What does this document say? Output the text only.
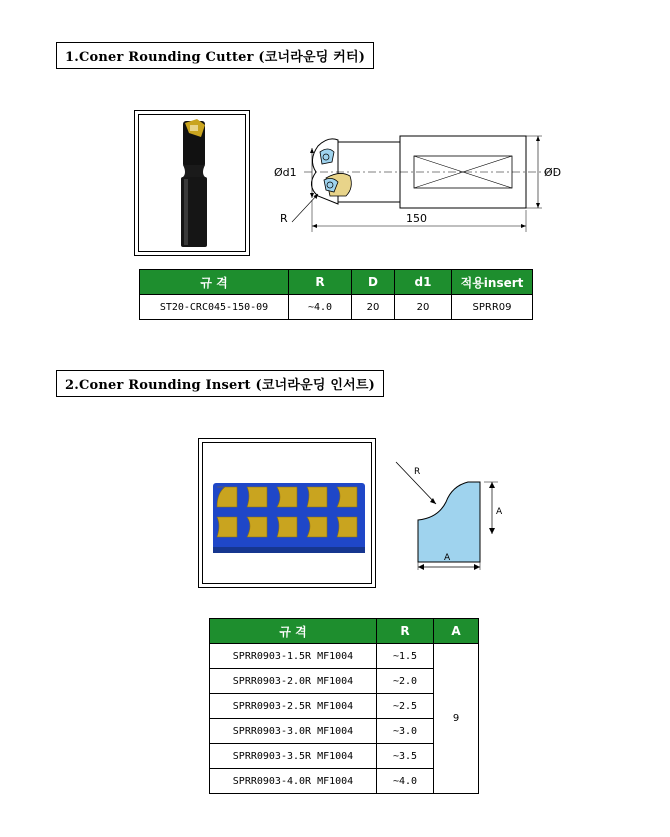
1.Coner Rounding Cutter (코너라운딩 커터)
Ød1	ØD
R	150
규 격	R	D	d1	적용insert
ST20-CRC045-150-09	~4.0	20	20	SPRR09
2.Coner Rounding Insert (코너라운딩 인서트)
R
A
A
규 격	R	A
SPRR0903-1.5R MF1004	~1.5	9
SPRR0903-2.0R MF1004	~2.0	
SPRR0903-2.5R MF1004	~2.5	
SPRR0903-3.0R MF1004	~3.0	
SPRR0903-3.5R MF1004	~3.5	
SPRR0903-4.0R MF1004	~4.0	
